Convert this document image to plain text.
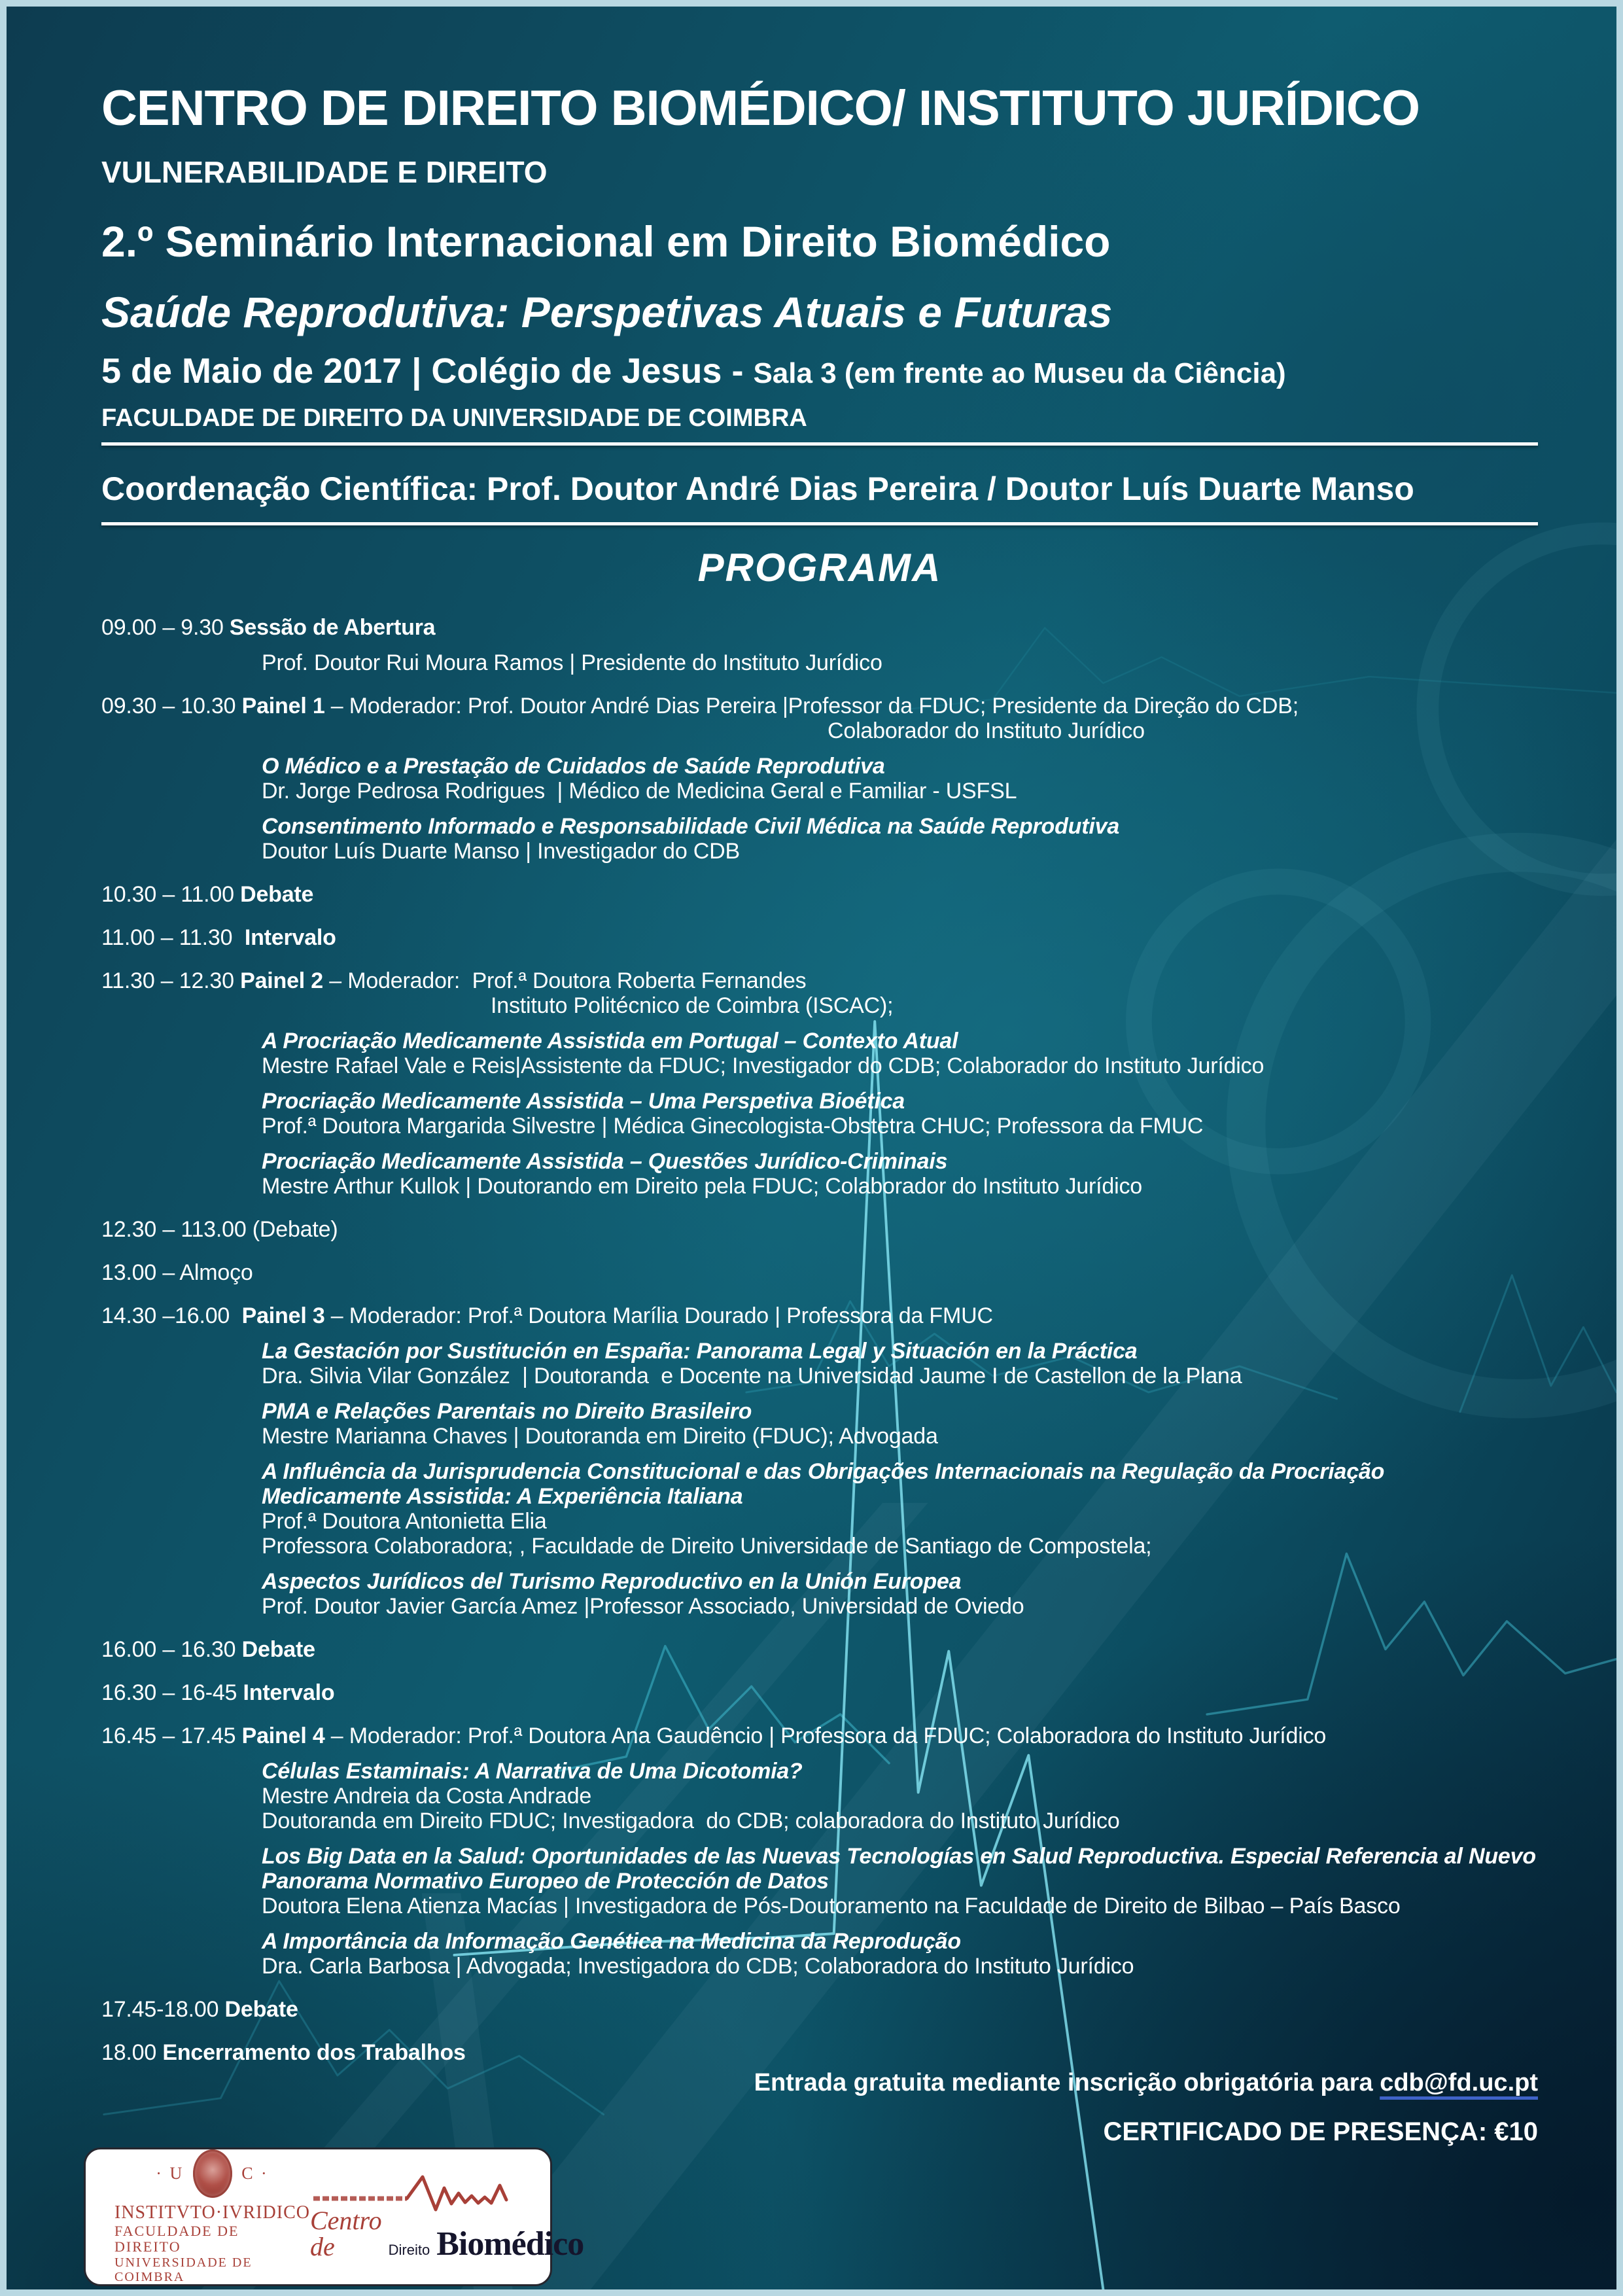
CENTRO DE DIREITO BIOMÉDICO/ INSTITUTO JURÍDICO
VULNERABILIDADE E DIREITO
2.º Seminário Internacional em Direito Biomédico
Saúde Reprodutiva: Perspetivas Atuais e Futuras
5 de Maio de 2017 | Colégio de Jesus - Sala 3 (em frente ao Museu da Ciência)
FACULDADE DE DIREITO DA UNIVERSIDADE DE COIMBRA
Coordenação Científica: Prof. Doutor André Dias Pereira / Doutor Luís Duarte Manso
PROGRAMA
09.00 – 9.30 Sessão de Abertura
Prof. Doutor Rui Moura Ramos | Presidente do Instituto Jurídico
09.30 – 10.30 Painel 1 – Moderador: Prof. Doutor André Dias Pereira |Professor da FDUC; Presidente da Direção do CDB;
Colaborador do Instituto Jurídico
O Médico e a Prestação de Cuidados de Saúde Reprodutiva
Dr. Jorge Pedrosa Rodrigues  | Médico de Medicina Geral e Familiar - USFSL
Consentimento Informado e Responsabilidade Civil Médica na Saúde Reprodutiva
Doutor Luís Duarte Manso | Investigador do CDB
10.30 – 11.00 Debate
11.00 – 11.30  Intervalo
11.30 – 12.30 Painel 2 – Moderador:  Prof.ª Doutora Roberta Fernandes
Instituto Politécnico de Coimbra (ISCAC);
A Procriação Medicamente Assistida em Portugal – Contexto Atual
Mestre Rafael Vale e Reis|Assistente da FDUC; Investigador do CDB; Colaborador do Instituto Jurídico
Procriação Medicamente Assistida – Uma Perspetiva Bioética
Prof.ª Doutora Margarida Silvestre | Médica Ginecologista-Obstetra CHUC; Professora da FMUC
Procriação Medicamente Assistida – Questões Jurídico-Criminais
Mestre Arthur Kullok | Doutorando em Direito pela FDUC; Colaborador do Instituto Jurídico
12.30 – 113.00 (Debate)
13.00 – Almoço
14.30 –16.00  Painel 3 – Moderador: Prof.ª Doutora Marília Dourado | Professora da FMUC
La Gestación por Sustitución en España: Panorama Legal y Situación en la Práctica
Dra. Silvia Vilar González  | Doutoranda  e Docente na Universidad Jaume I de Castellon de la Plana
PMA e Relações Parentais no Direito Brasileiro
Mestre Marianna Chaves | Doutoranda em Direito (FDUC); Advogada
A Influência da Jurisprudencia Constitucional e das Obrigações Internacionais na Regulação da Procriação
Medicamente Assistida: A Experiência Italiana
Prof.ª Doutora Antonietta Elia
Professora Colaboradora; , Faculdade de Direito Universidade de Santiago de Compostela;
Aspectos Jurídicos del Turismo Reproductivo en la Unión Europea
Prof. Doutor Javier García Amez |Professor Associado, Universidad de Oviedo
16.00 – 16.30 Debate
16.30 – 16-45 Intervalo
16.45 – 17.45 Painel 4 – Moderador: Prof.ª Doutora Ana Gaudêncio | Professora da FDUC; Colaboradora do Instituto Jurídico
Células Estaminais: A Narrativa de Uma Dicotomia?
Mestre Andreia da Costa Andrade
Doutoranda em Direito FDUC; Investigadora  do CDB; colaboradora do Instituto Jurídico
Los Big Data en la Salud: Oportunidades de las Nuevas Tecnologías en Salud Reproductiva. Especial Referencia al Nuevo
Panorama Normativo Europeo de Protección de Datos
Doutora Elena Atienza Macías | Investigadora de Pós-Doutoramento na Faculdade de Direito de Bilbao – País Basco
A Importância da Informação Genética na Medicina da Reprodução
Dra. Carla Barbosa | Advogada; Investigadora do CDB; Colaboradora do Instituto Jurídico
17.45-18.00 Debate
18.00 Encerramento dos Trabalhos
Entrada gratuita mediante inscrição obrigatória para cdb@fd.uc.pt
CERTIFICADO DE PRESENÇA: €10
· U	C ·
INSTITVTO·IVRIDICO
FACULDADE DE DIREITO
UNIVERSIDADE DE COIMBRA
Centro de	Direito Biomédico
